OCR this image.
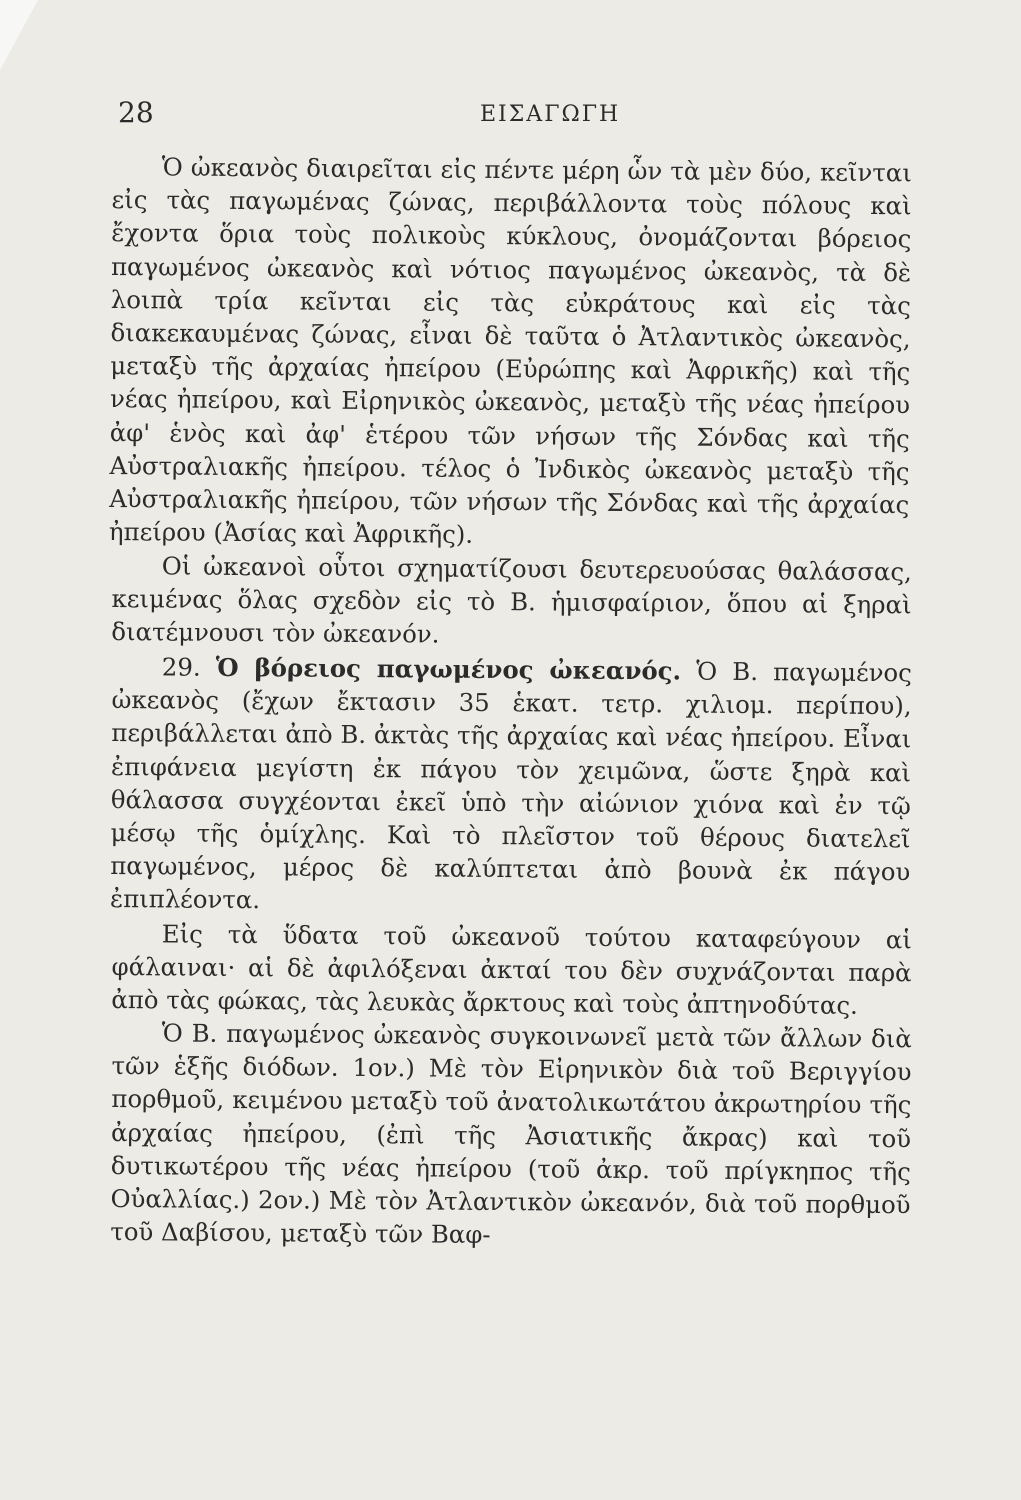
28	ΕΙΣΑΓΩΓΗ

Ὁ ὠκεανὸς διαιρεῖται εἰς πέντε μέρη ὧν τὰ μὲν δύο, κεῖνται εἰς τὰς παγωμένας ζώνας, περιβάλλοντα τοὺς πόλους καὶ ἔχοντα ὅρια τοὺς πολικοὺς κύκλους, ὀνομάζονται βόρειος παγωμένος ὠκεανὸς καὶ νότιος παγωμένος ὠκεανὸς, τὰ δὲ λοιπὰ τρία κεῖνται εἰς τὰς εὐκράτους καὶ εἰς τὰς διακεκαυμένας ζώνας, εἶναι δὲ ταῦτα ὁ Ἀτλαντικὸς ὠκεανὸς, μεταξὺ τῆς ἀρχαίας ἠπείρου (Εὐρώπης καὶ Ἀφρικῆς) καὶ τῆς νέας ἠπείρου, καὶ Εἰρηνικὸς ὠκεανὸς, μεταξὺ τῆς νέας ἠπείρου ἀφ' ἑνὸς καὶ ἀφ' ἑτέρου τῶν νήσων τῆς Σόνδας καὶ τῆς Αὐστραλιακῆς ἠπείρου. τέλος ὁ Ἰνδικὸς ὠκεανὸς μεταξὺ τῆς Αὐστραλιακῆς ἠπείρου, τῶν νήσων τῆς Σόνδας καὶ τῆς ἀρχαίας ἠπείρου (Ἀσίας καὶ Ἀφρικῆς).

Οἱ ὠκεανοὶ οὗτοι σχηματίζουσι δευτερευούσας θαλάσσας, κειμένας ὅλας σχεδὸν εἰς τὸ Β. ἡμισφαίριον, ὅπου αἱ ξηραὶ διατέμνουσι τὸν ὠκεανόν.

29. Ὁ βόρειος παγωμένος ὠκεανός. Ὁ Β. παγωμένος ὠκεανὸς (ἔχων ἔκτασιν 35 ἑκατ. τετρ. χιλιομ. περίπου), περιβάλλεται ἀπὸ Β. ἀκτὰς τῆς ἀρχαίας καὶ νέας ἠπείρου. Εἶναι ἐπιφάνεια μεγίστη ἐκ πάγου τὸν χειμῶνα, ὥστε ξηρὰ καὶ θάλασσα συγχέονται ἐκεῖ ὑπὸ τὴν αἰώνιον χιόνα καὶ ἐν τῷ μέσῳ τῆς ὁμίχλης. Καὶ τὸ πλεῖστον τοῦ θέρους διατελεῖ παγωμένος, μέρος δὲ καλύπτεται ἀπὸ βουνὰ ἐκ πάγου ἐπιπλέοντα.

Εἰς τὰ ὕδατα τοῦ ὠκεανοῦ τούτου καταφεύγουν αἱ φάλαιναι· αἱ δὲ ἀφιλόξεναι ἀκταί του δὲν συχνάζονται παρὰ ἀπὸ τὰς φώκας, τὰς λευκὰς ἄρκτους καὶ τοὺς ἀπτηνοδύτας.

Ὁ Β. παγωμένος ὠκεανὸς συγκοινωνεῖ μετὰ τῶν ἄλλων διὰ τῶν ἑξῆς διόδων. 1ον.) Μὲ τὸν Εἰρηνικὸν διὰ τοῦ Βεριγγίου πορθμοῦ, κειμένου μεταξὺ τοῦ ἀνατολικωτάτου ἀκρωτηρίου τῆς ἀρχαίας ἠπείρου, (ἐπὶ τῆς Ἀσιατικῆς ἄκρας) καὶ τοῦ δυτικωτέρου τῆς νέας ἠπείρου (τοῦ ἀκρ. τοῦ πρίγκηπος τῆς Οὐαλλίας.) 2ον.) Μὲ τὸν Ἀτλαντικὸν ὠκεανόν, διὰ τοῦ πορθμοῦ τοῦ Δαβίσου, μεταξὺ τῶν Βαφ-
